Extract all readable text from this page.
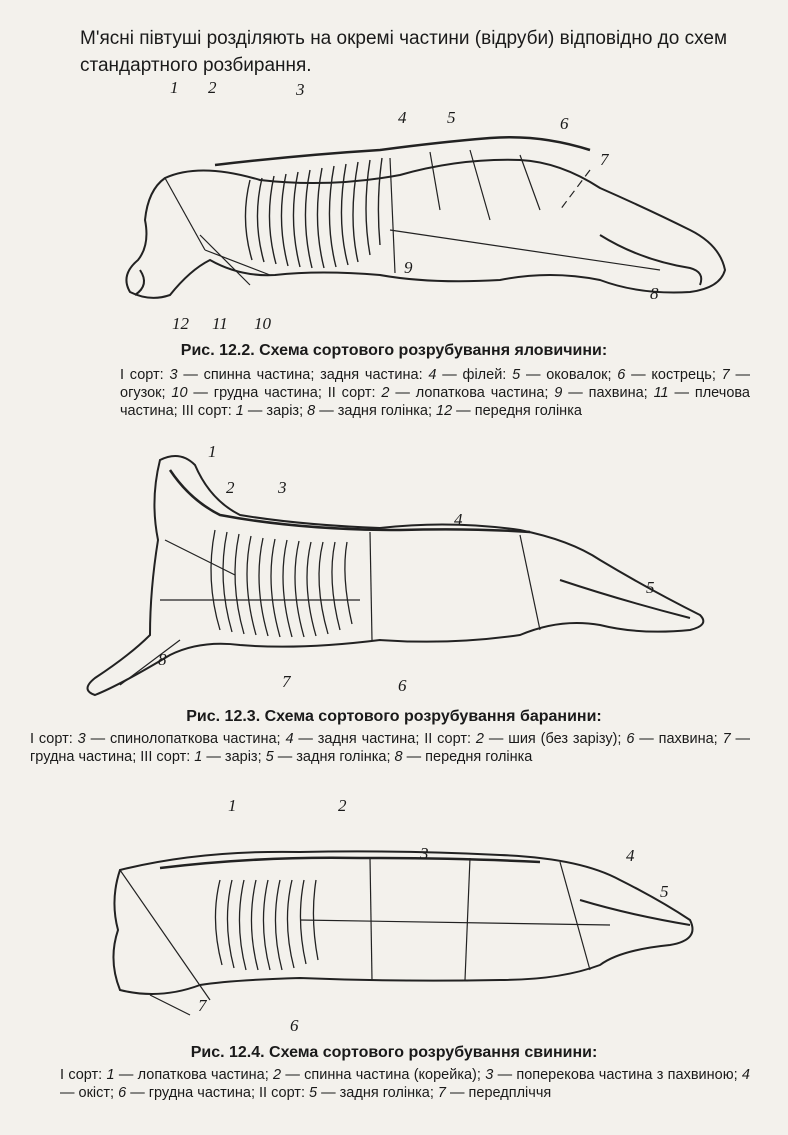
М'ясні півтуші розділяють на окремі частини (відруби) відповідно до схем стандартного розбирання.

1 2	3
4 5	6
7
8
9
10
11
12
Рис. 12.2. Схема сортового розрубування яловичини:
I сорт: 3 — спинна частина; задня частина: 4 — філей: 5 — оковалок; 6 — кострець; 7 — огузок; 10 — грудна частина; II сорт: 2 — лопаткова частина; 9 — пахвина; 11 — плечова частина; III сорт: 1 — заріз; 8 — задня голінка; 12 — передня голінка
1
2	3
4
5
6
7
8
Рис. 12.3. Схема сортового розрубування баранини:
I сорт: 3 — спинолопаткова частина; 4 — задня частина; II сорт: 2 — шия (без зарізу); 6 — пахвина; 7 — грудна частина; III сорт: 1 — заріз; 5 — задня голінка; 8 — передня голінка
1	2
3	4
5
6
7
Рис. 12.4. Схема сортового розрубування свинини:
I сорт: 1 — лопаткова частина; 2 — спинна частина (корейка); 3 — поперекова частина з пахвиною; 4 — окіст; 6 — грудна частина; II сорт: 5 — задня голінка; 7 — передпліччя
